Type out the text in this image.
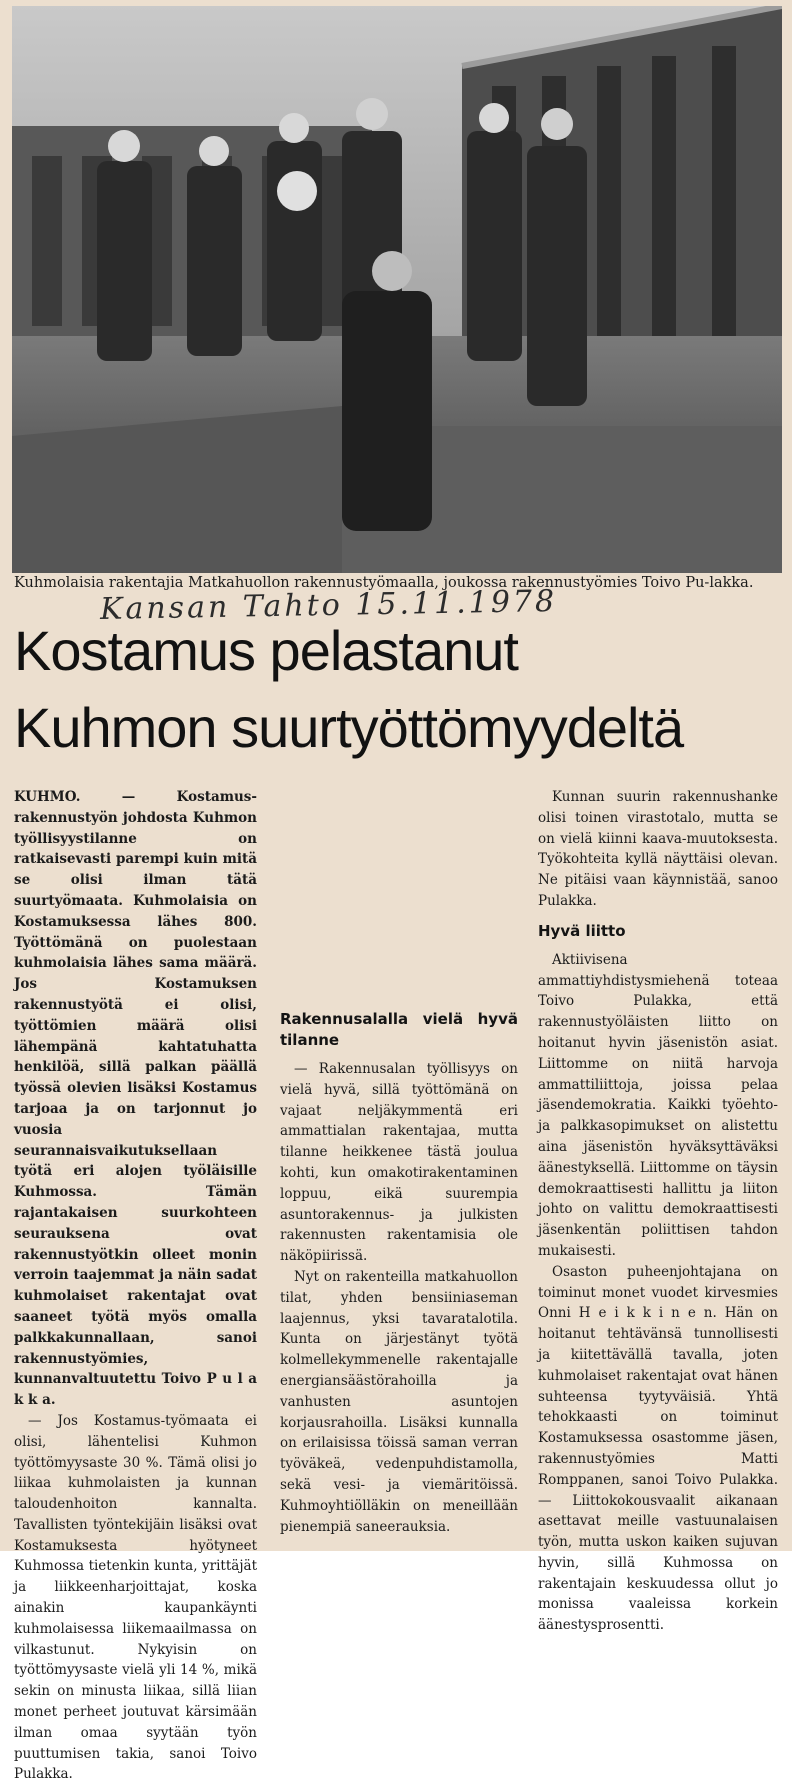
Kuhmolaisia rakentajia Matkahuollon rakennustyömaalla, joukossa rakennustyömies Toivo Pu-lakka.
Kansan Tahto 15.11.1978
Kostamus pelastanut
Kuhmon suurtyöttömyydeltä

KUHMO. — Kostamus-rakennustyön johdosta Kuhmon työllisyystilanne on ratkaisevasti parempi kuin mitä se olisi ilman tätä suurtyömaata. Kuhmolaisia on Kostamuksessa lähes 800. Työttömänä on puolestaan kuhmolaisia lähes sama määrä. Jos Kostamuksen rakennustyötä ei olisi, työttömien määrä olisi lähempänä kahtatuhatta henkilöä, sillä palkan päällä työssä olevien lisäksi Kostamus tarjoaa ja on tarjonnut jo vuosia seurannaisvaikutuksellaan työtä eri alojen työläisille Kuhmossa. Tämän rajantakaisen suurkohteen seurauksena ovat rakennustyötkin olleet monin verroin taajemmat ja näin sadat kuhmolaiset rakentajat ovat saaneet työtä myös omalla palkkakunnallaan, sanoi rakennustyömies, kunnanvaltuutettu Toivo P u l a k k a.

— Jos Kostamus-työmaata ei olisi, lähentelisi Kuhmon työttömyysaste 30 %. Tämä olisi jo liikaa kuhmolaisten ja kunnan taloudenhoiton kannalta. Tavallisten työntekijäin lisäksi ovat Kostamuksesta hyötyneet Kuhmossa tietenkin kunta, yrittäjät ja liikkeenharjoittajat, koska ainakin kaupankäynti kuhmolaisessa liikemaailmassa on vilkastunut. Nykyisin on työttömyysaste vielä yli 14 %, mikä sekin on minusta liikaa, sillä liian monet perheet joutuvat kärsimään ilman omaa syytään työn puuttumisen takia, sanoi Toivo Pulakka.

Rakennusalalla vielä hyvä tilanne

— Rakennusalan työllisyys on vielä hyvä, sillä työttömänä on vajaat neljäkymmentä eri ammattialan rakentajaa, mutta tilanne heikkenee tästä joulua kohti, kun omakotirakentaminen loppuu, eikä suurempia asuntorakennus- ja julkisten rakennusten rakentamisia ole näköpiirissä.

Nyt on rakenteilla matkahuollon tilat, yhden bensiiniaseman laajennus, yksi tavaratalotila. Kunta on järjestänyt työtä kolmellekymmenelle rakentajalle energiansäästörahoilla ja vanhusten asuntojen korjausrahoilla. Lisäksi kunnalla on erilaisissa töissä saman verran työväkeä, vedenpuhdistamolla, sekä vesi- ja viemäritöissä. Kuhmoyhtiölläkin on meneillään pienempiä saneerauksia.

Kunnan suurin rakennushanke olisi toinen virastotalo, mutta se on vielä kiinni kaava-muutoksesta. Työkohteita kyllä näyttäisi olevan. Ne pitäisi vaan käynnistää, sanoo Pulakka.

Hyvä liitto

Aktiivisena ammattiyhdistysmiehenä toteaa Toivo Pulakka, että rakennustyöläisten liitto on hoitanut hyvin jäsenistön asiat. Liittomme on niitä harvoja ammattiliittoja, joissa pelaa jäsendemokratia. Kaikki työehto- ja palkkasopimukset on alistettu aina jäsenistön hyväksyttäväksi äänestyksellä. Liittomme on täysin demokraattisesti hallittu ja liiton johto on valittu demokraattisesti jäsenkentän poliittisen tahdon mukaisesti.

Osaston puheenjohtajana on toiminut monet vuodet kirvesmies Onni H e i k k i n e n. Hän on hoitanut tehtävänsä tunnollisesti ja kiitettävällä tavalla, joten kuhmolaiset rakentajat ovat hänen suhteensa tyytyväisiä. Yhtä tehokkaasti on toiminut Kostamuksessa osastomme jäsen, rakennustyömies Matti Romppanen, sanoi Toivo Pulakka. — Liittokokousvaalit aikanaan asettavat meille vastuunalaisen työn, mutta uskon kaiken sujuvan hyvin, sillä Kuhmossa on rakentajain keskuudessa ollut jo monissa vaaleissa korkein äänestysprosentti.
